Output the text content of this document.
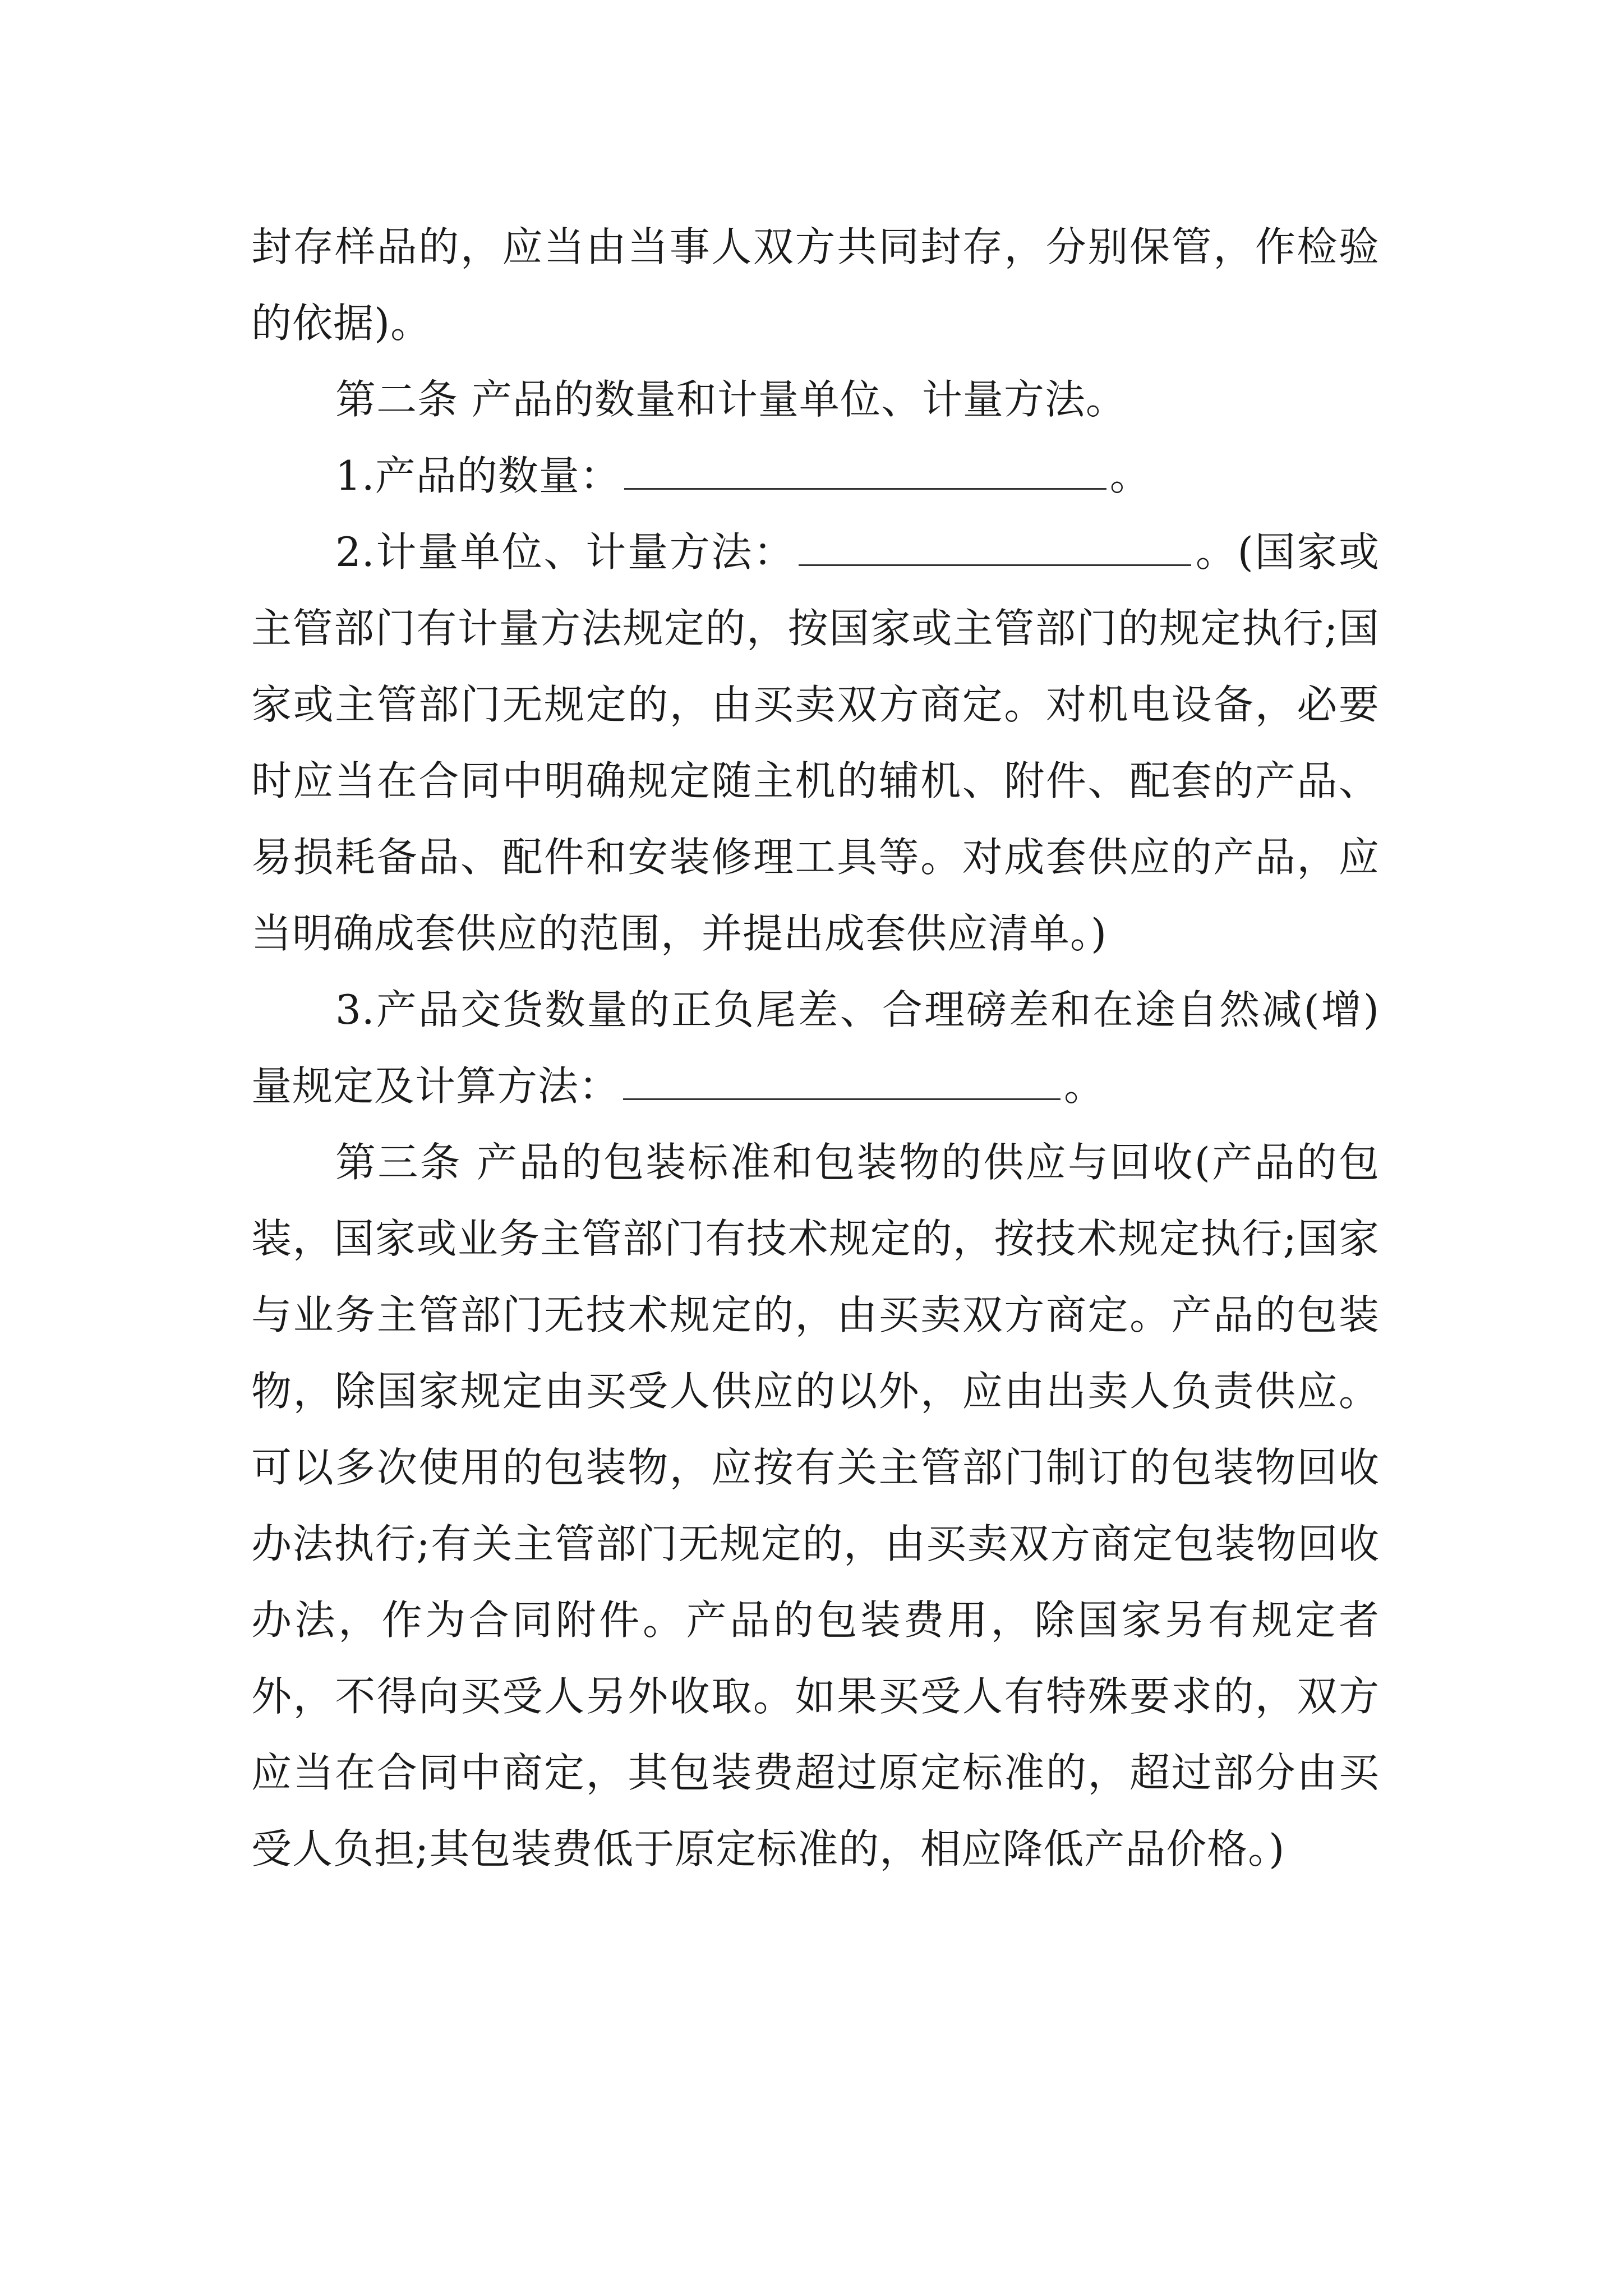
封存样品的，应当由当事人双方共同封存，分别保管，作检验的依据)。

第二条 产品的数量和计量单位、计量方法。

1.产品的数量：	。

2.计量单位、计量方法：	。(国家或主管部门有计量方法规定的，按国家或主管部门的规定执行;国家或主管部门无规定的，由买卖双方商定。对机电设备，必要时应当在合同中明确规定随主机的辅机、附件、配套的产品、易损耗备品、配件和安装修理工具等。对成套供应的产品，应当明确成套供应的范围，并提出成套供应清单。)

3.产品交货数量的正负尾差、合理磅差和在途自然减(增)量规定及计算方法：	。

第三条 产品的包装标准和包装物的供应与回收(产品的包装，国家或业务主管部门有技术规定的，按技术规定执行;国家与业务主管部门无技术规定的，由买卖双方商定。产品的包装物，除国家规定由买受人供应的以外，应由出卖人负责供应。可以多次使用的包装物，应按有关主管部门制订的包装物回收办法执行;有关主管部门无规定的，由买卖双方商定包装物回收办法，作为合同附件。产品的包装费用，除国家另有规定者外，不得向买受人另外收取。如果买受人有特殊要求的，双方应当在合同中商定，其包装费超过原定标准的，超过部分由买受人负担;其包装费低于原定标准的，相应降低产品价格。)
